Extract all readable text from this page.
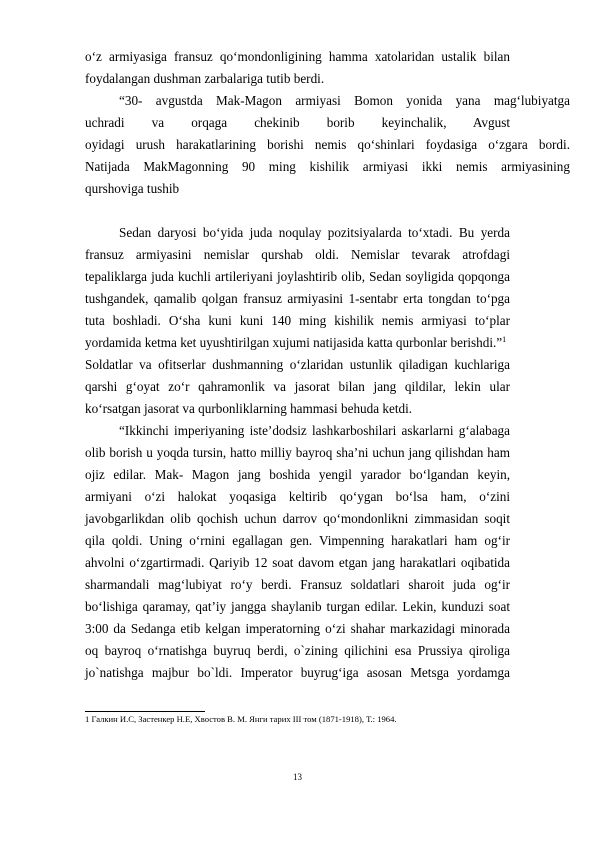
o‘z armiyasiga fransuz qo‘mondonligining hamma xatolaridan ustalik bilan
foydalangan dushman zarbalariga tutib berdi.
“30- avgustda Mak-Magon armiyasi Bomon yonida yana mag‘lubiyatga
uchradi va orqaga chekinib borib keyinchalik, Avgust
oyidagi urush harakatlarining borishi nemis qo‘shinlari foydasiga o‘zgara bordi.
Natijada MakMagonning 90 ming kishilik armiyasi ikki nemis armiyasining
qurshoviga tushib
Sedan daryosi bo‘yida juda noqulay pozitsiyalarda to‘xtadi. Bu yerda
fransuz armiyasini nemislar qurshab oldi. Nemislar tevarak atrofdagi
tepaliklarga juda kuchli artileriyani joylashtirib olib, Sedan soyligida qopqonga
tushgandek, qamalib qolgan fransuz armiyasini 1-sentabr erta tongdan to‘pga
tuta boshladi. O‘sha kuni kuni 140 ming kishilik nemis armiyasi to‘plar
yordamida ketma ket uyushtirilgan xujumi natijasida katta qurbonlar berishdi.”$^1$
Soldatlar va ofitserlar dushmanning o‘zlaridan ustunlik qiladigan kuchlariga
qarshi g‘oyat zo‘r qahramonlik va jasorat bilan jang qildilar, lekin ular
ko‘rsatgan jasorat va qurbonliklarning hammasi behuda ketdi.
“Ikkinchi imperiyaning iste’dodsiz lashkarboshilari askarlarni g‘alabaga
olib borish u yoqda tursin, hatto milliy bayroq sha’ni uchun jang qilishdan ham
ojiz edilar. Mak- Magon jang boshida yengil yarador bo‘lgandan keyin,
armiyani o‘zi halokat yoqasiga keltirib qo‘ygan bo‘lsa ham, o‘zini
javobgarlikdan olib qochish uchun darrov qo‘mondonlikni zimmasidan soqit
qila qoldi. Uning o‘rnini egallagan gen. Vimpenning harakatlari ham og‘ir
ahvolni o‘zgartirmadi. Qariyib 12 soat davom etgan jang harakatlari oqibatida
sharmandali mag‘lubiyat ro‘y berdi. Fransuz soldatlari sharoit juda og‘ir
bo‘lishiga qaramay, qat’iy jangga shaylanib turgan edilar. Lekin, kunduzi soat
3:00 da Sedanga etib kelgan imperatorning o‘zi shahar markazidagi minorada
oq bayroq o‘rnatishga buyruq berdi, o`zining qilichini esa Prussiya qiroliga
jo`natishga majbur bo`ldi. Imperator buyrug‘iga asosan Metsga yordamga
1 Галкин И.С, Застенкер Н.Е, Хвостов В. М. Янги тарих III том (1871-1918), Т.: 1964.
13
